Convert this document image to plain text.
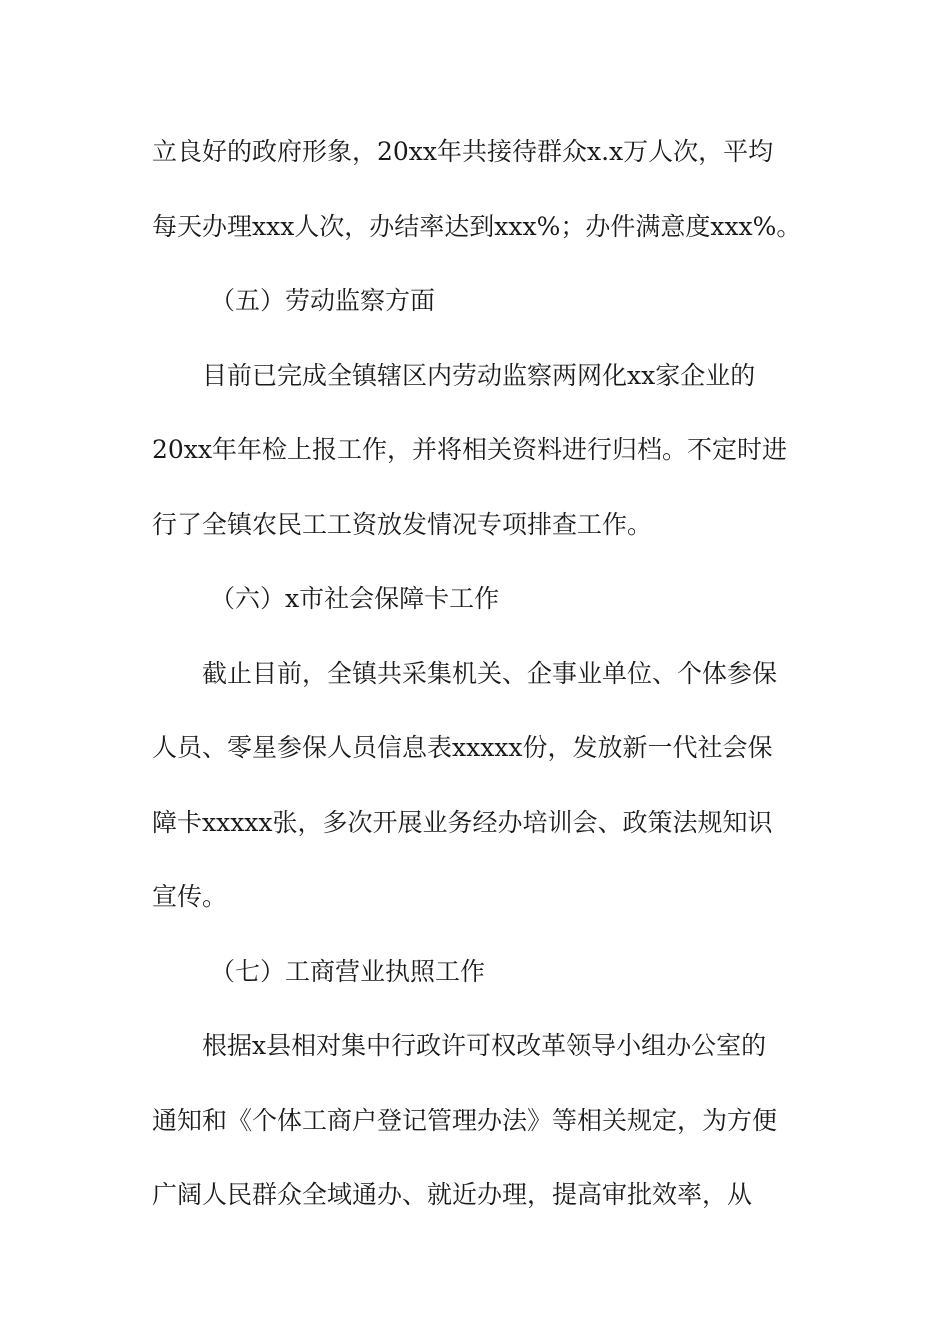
立良好的政府形象，20xx年共接待群众x.x万人次，平均
每天办理xxx人次，办结率达到xxx%；办件满意度xxx%。
（五）劳动监察方面
目前已完成全镇辖区内劳动监察两网化xx家企业的
20xx年年检上报工作，并将相关资料进行归档。不定时进
行了全镇农民工工资放发情况专项排查工作。
（六）x市社会保障卡工作
截止目前，全镇共采集机关、企事业单位、个体参保
人员、零星参保人员信息表xxxxx份，发放新一代社会保
障卡xxxxx张，多次开展业务经办培训会、政策法规知识
宣传。
（七）工商营业执照工作
根据x县相对集中行政许可权改革领导小组办公室的
通知和《个体工商户登记管理办法》等相关规定，为方便
广阔人民群众全域通办、就近办理，提高审批效率，从
